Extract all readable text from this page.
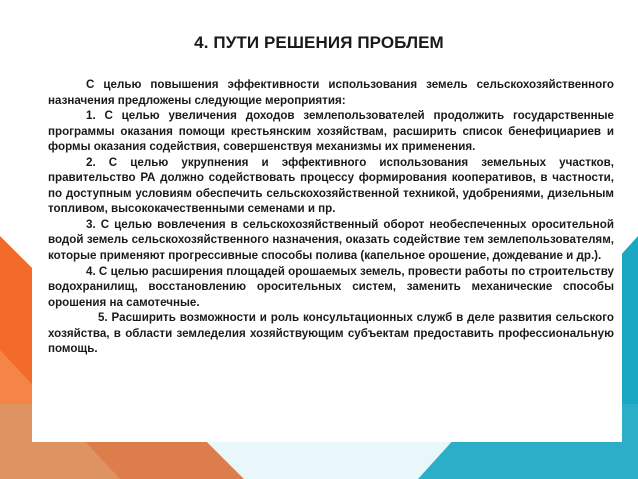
4. ПУТИ РЕШЕНИЯ ПРОБЛЕМ

С целью повышения эффективности использования земель сельскохозяйственного назначения предложены следующие мероприятия:

1. С целью увеличения доходов землепользователей продолжить государственные программы оказания помощи крестьянским хозяйствам, расширить список бенефициариев и формы оказания содействия, совершенствуя механизмы их применения.

2. С целью укрупнения и эффективного использования земельных участков, правительство РА должно содействовать процессу формирования кооперативов, в частности, по доступным условиям обеспечить сельскохозяйственной техникой, удобрениями, дизельным топливом, высококачественными семенами и пр.

3. С целью вовлечения в сельскохозяйственный оборот необеспеченных оросительной водой земель сельскохозяйственного назначения, оказать содействие тем землепользователям, которые применяют прогрессивные способы полива (капельное орошение, дождевание и др.).

4. С целью расширения площадей орошаемых земель, провести работы по строительству водохранилищ, восстановлению оросительных систем, заменить механические способы орошения на самотечные.

5. Расширить возможности и роль консультационных служб в деле развития сельского хозяйства, в области земледелия хозяйствующим субъектам предоставить профессиональную помощь.
